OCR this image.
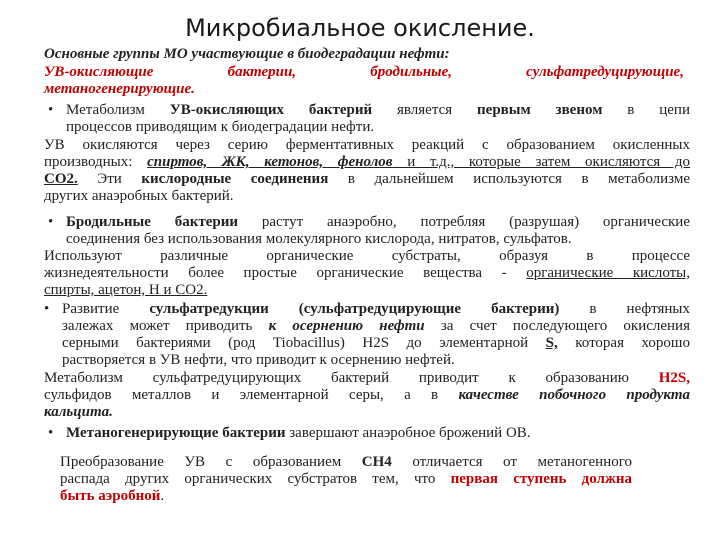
Микробиальное окисление.

Основные группы МО участвующие в биодеградации нефти:

УВ-окисляющие	бактерии,	бродильные,	сульфатредуцирующие,

метаногенерирующие.

• Метаболизм УВ-окисляющих бактерий является первым звеном в цепи

процессов приводящим к биодеградации нефти.

УВ окисляются через серию ферментативных реакций с образованием окисленных

производных: спиртов, ЖК, кетонов, фенолов и т.д., которые затем окисляются до

СО2. Эти кислородные соединения в дальнейшем используются в метаболизме

других анаэробных бактерий.

• Бродильные бактерии растут анаэробно, потребляя (разрушая) органические

соединения без использования молекулярного кислорода, нитратов, сульфатов.

Используют различные органические субстраты, образуя в процессе

жизнедеятельности более простые органические вещества - органические кислоты,

спирты, ацетон, Н и СО2.

• Развитие сульфатредукции (сульфатредуцирующие бактерии) в нефтяных

залежах может приводить к осернению нефти за счет последующего окисления

серными бактериями (род Tiobacillus) H2S до элементарной S, которая хорошо

растворяется в УВ нефти, что приводит к осернению нефтей.

Метаболизм сульфатредуцирующих бактерий приводит к образованию H2S,

сульфидов металлов и элементарной серы, а в качестве побочного продукта

кальцита.

• Метаногенерирующие бактерии завершают анаэробное брожений ОВ.

Преобразование УВ с образованием CH4 отличается от метаногенного

распада других органических субстратов тем, что первая ступень должна

быть аэробной.
